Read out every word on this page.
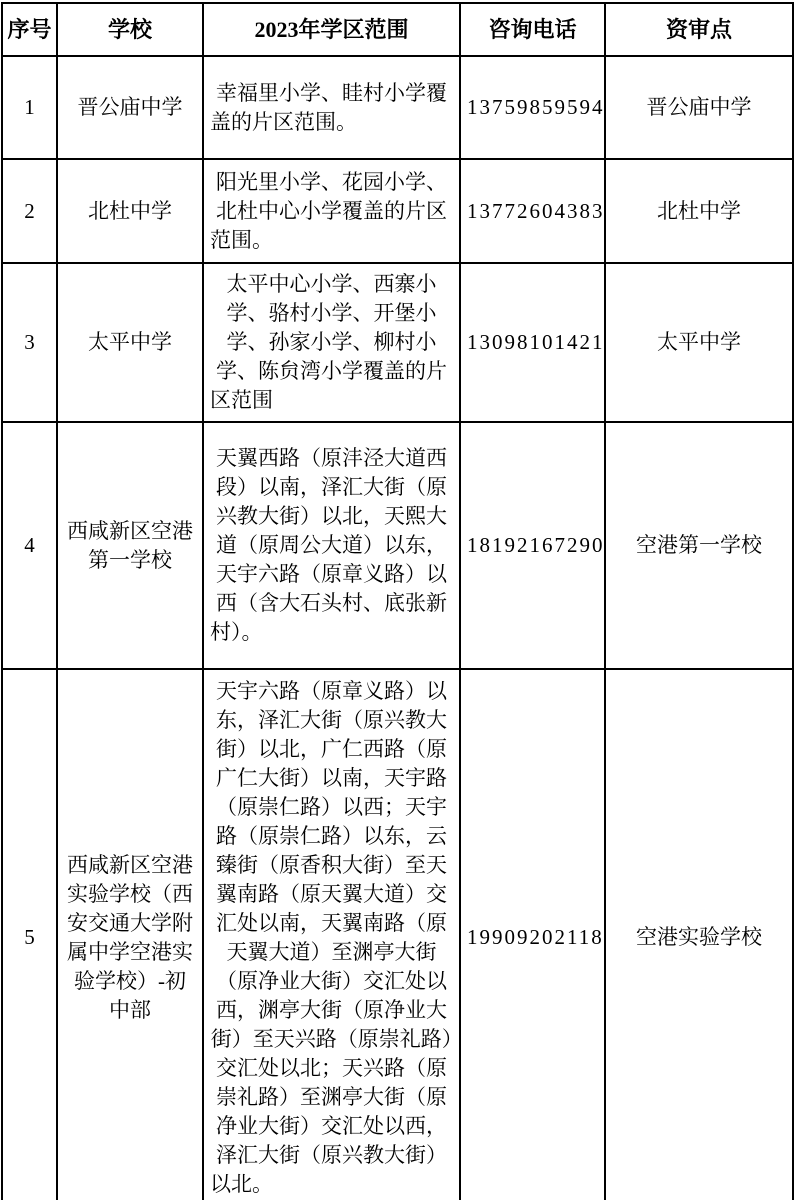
序号	学校	2023年学区范围	咨询电话	资审点
1	晋公庙中学	幸福里小学、眭村小学覆盖的片区范围。	13759859594	晋公庙中学
2	北杜中学	阳光里小学、花园小学、北杜中心小学覆盖的片区范围。	13772604383	北杜中学
3	太平中学	太平中心小学、西寨小学、骆村小学、开堡小学、孙家小学、柳村小学、陈贠湾小学覆盖的片区范围	13098101421	太平中学
4	西咸新区空港第一学校	天翼西路（原沣泾大道西段）以南，泽汇大街（原兴教大街）以北，天熙大道（原周公大道）以东，天宇六路（原章义路）以西（含大石头村、底张新村）。	18192167290	空港第一学校
5	西咸新区空港实验学校（西安交通大学附属中学空港实验学校）-初中部	天宇六路（原章义路）以东，泽汇大街（原兴教大街）以北，广仁西路（原广仁大街）以南，天宇路（原崇仁路）以西；天宇路（原崇仁路）以东，云臻街（原香积大街）至天翼南路（原天翼大道）交汇处以南，天翼南路（原天翼大道）至渊亭大街（原净业大街）交汇处以西，渊亭大街（原净业大街）至天兴路（原崇礼路）交汇处以北；天兴路（原崇礼路）至渊亭大街（原净业大街）交汇处以西，泽汇大街（原兴教大街）以北。	19909202118	空港实验学校
